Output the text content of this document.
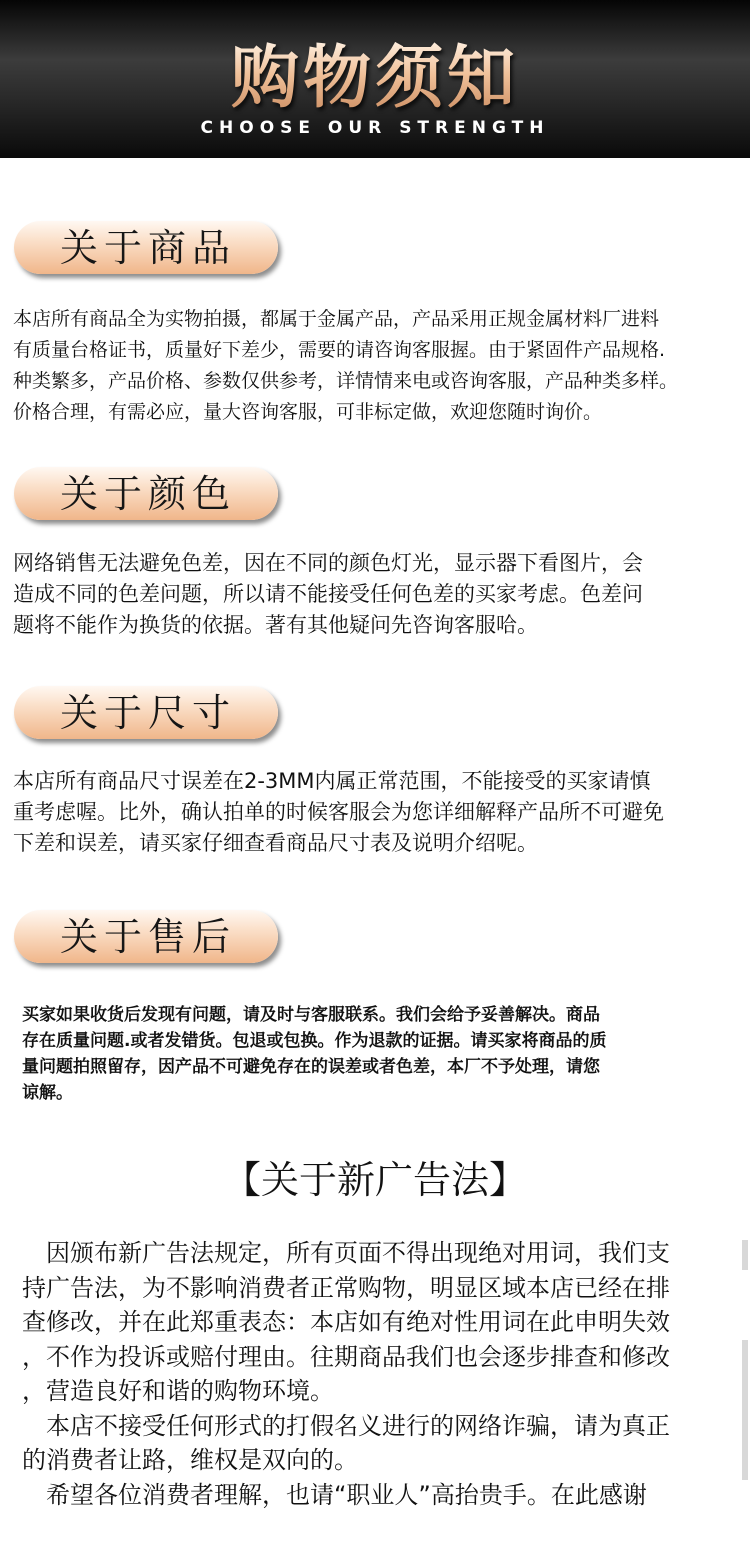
购物须知
CHOOSE OUR STRENGTH
关于商品
本店所有商品全为实物拍摄，都属于金属产品，产品采用正规金属材料厂进料
有质量台格证书，质量好下差少，需要的请咨询客服握。由于紧固件产品规格.
种类繁多，产品价格、参数仅供参考，详情情来电或咨询客服，产品种类多样。
价格合理，有需必应，量大咨询客服，可非标定做，欢迎您随时询价。
关于颜色
网络销售无法避免色差，因在不同的颜色灯光，显示器下看图片，会
造成不同的色差问题，所以请不能接受任何色差的买家考虑。色差问
题将不能作为换货的依据。著有其他疑问先咨询客服哈。
关于尺寸
本店所有商品尺寸误差在2-3MM内属正常范围，不能接受的买家请慎
重考虑喔。比外，确认拍单的时候客服会为您详细解释产品所不可避免
下差和误差，请买家仔细查看商品尺寸表及说明介绍呢。
关于售后
买家如果收货后发现有问题，请及时与客服联系。我们会给予妥善解决。商品
存在质量问题.或者发错货。包退或包换。作为退款的证据。请买家将商品的质
量问题拍照留存，因产品不可避免存在的误差或者色差，本厂不予处理，请您
谅解。
【关于新广告法】
　因颁布新广告法规定，所有页面不得出现绝对用词，我们支
持广告法，为不影响消费者正常购物，明显区域本店已经在排
查修改，并在此郑重表态：本店如有绝对性用词在此申明失效
，不作为投诉或赔付理由。往期商品我们也会逐步排查和修改
，营造良好和谐的购物环境。
　本店不接受任何形式的打假名义进行的网络诈骗，请为真正
的消费者让路，维权是双向的。
　希望各位消费者理解，也请“职业人”高抬贵手。在此感谢
